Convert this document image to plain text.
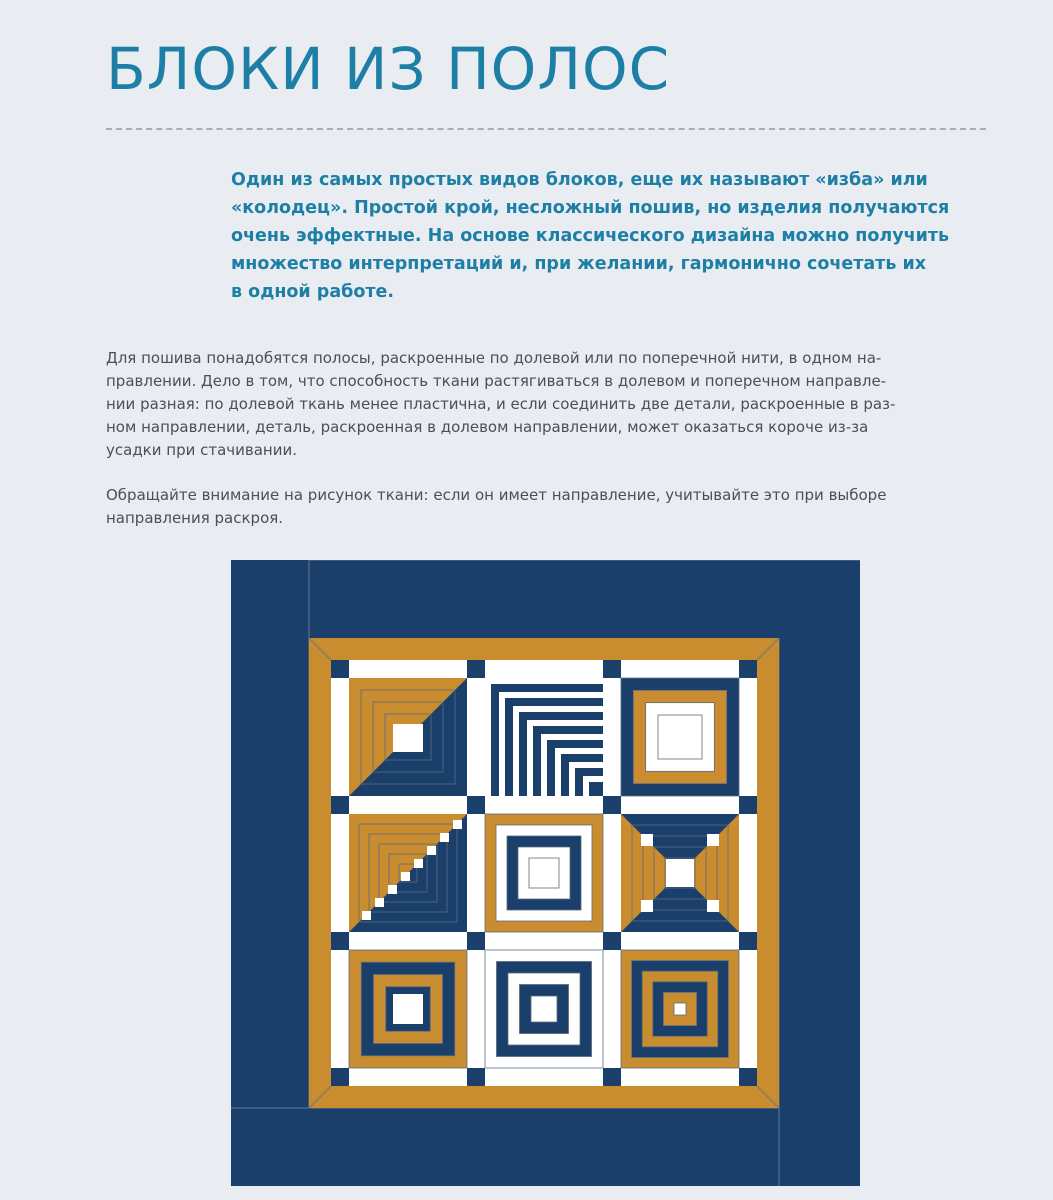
БЛОКИ ИЗ ПОЛОС

Один из самых простых видов блоков, еще их называют «изба» или
«колодец». Простой крой, несложный пошив, но изделия получаются
очень эффектные. На основе классического дизайна можно получить
множество интерпретаций и, при желании, гармонично сочетать их
в одной работе.

Для пошива понадобятся полосы, раскроенные по долевой или по поперечной нити, в одном на-
правлении. Дело в том, что способность ткани растягиваться в долевом и поперечном направле-
нии разная: по долевой ткань менее пластична, и если соединить две детали, раскроенные в раз-
ном направлении, деталь, раскроенная в долевом направлении, может оказаться короче из-за
усадки при стачивании.

Обращайте внимание на рисунок ткани: если он имеет направление, учитывайте это при выборе
направления раскроя.
